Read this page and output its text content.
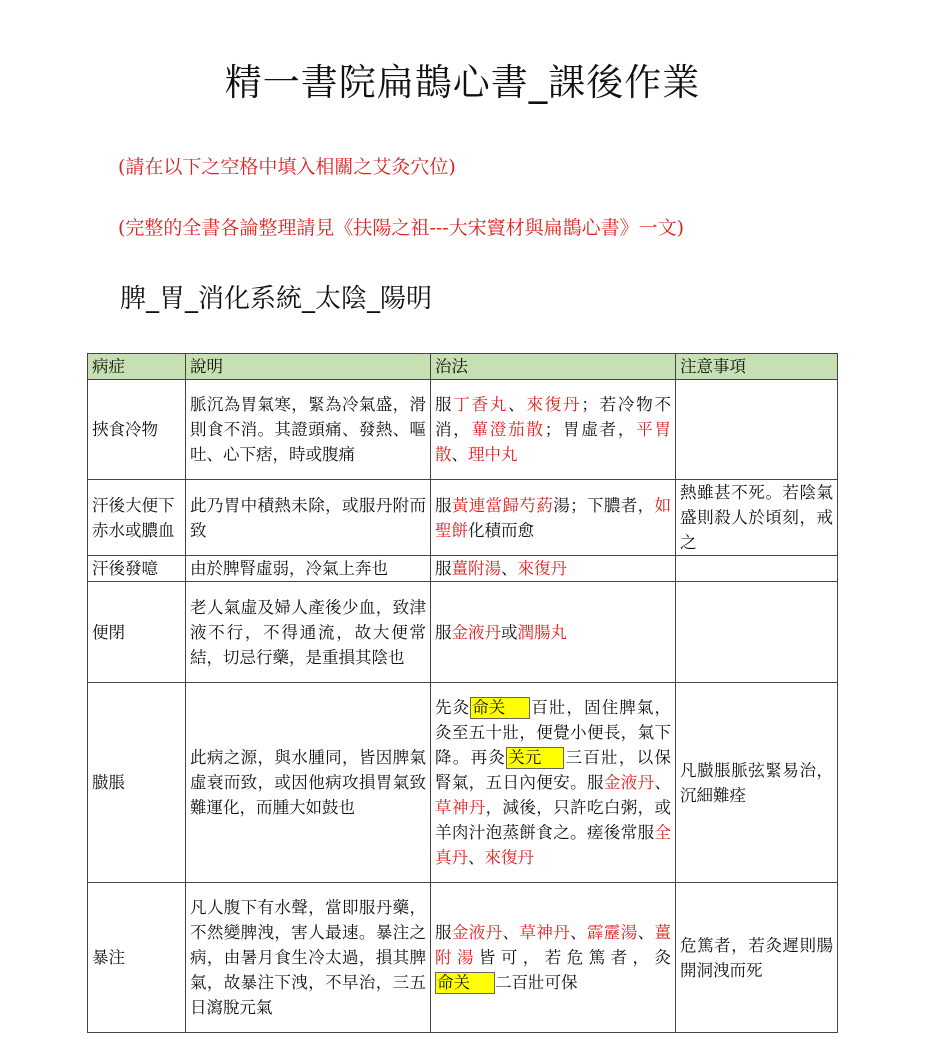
精一書院扁鵲心書_課後作業
(請在以下之空格中填入相關之艾灸穴位)
(完整的全書各論整理請見《扶陽之祖---大宋竇材與扁鵲心書》一文)
脾_胃_消化系統_太陰_陽明
病症	說明	治法	注意事項
挾食冷物	脈沉為胃氣寒，緊為冷氣盛，滑則食不消。其證頭痛、發熱、嘔吐、心下痞，時或腹痛	服丁香丸、來復丹；若冷物不消，蓽澄茄散；胃虛者，平胃散、理中丸	
汗後大便下赤水或膿血	此乃胃中積熱未除，或服丹附而致	服黃連當歸芍葯湯；下膿者，如聖餅化積而愈	熱雖甚不死。若陰氣盛則殺人於頃刻，戒之
汗後發噫	由於脾腎虛弱，冷氣上奔也	服薑附湯、來復丹	
便閉	老人氣虛及婦人產後少血，致津液不行，不得通流，故大便常結，切忌行藥，是重損其陰也	服金液丹或潤腸丸	
臌脹	此病之源，與水腫同，皆因脾氣虛衰而致，或因他病攻損胃氣致難運化，而腫大如鼓也	先灸 命关 百壯，固住脾氣，灸至五十壯，便覺小便長，氣下降。再灸 关元 三百壯，以保腎氣，五日內便安。服金液丹、草神丹，減後，只許吃白粥，或羊肉汁泡蒸餅食之。瘥後常服全真丹、來復丹	凡臌脹脈弦緊易治，沉細難痊
暴注	凡人腹下有水聲，當即服丹藥，不然變脾洩，害人最速。暴注之病，由暑月食生冷太過，損其脾氣，故暴注下洩，不早治，三五日瀉脫元氣	服金液丹、草神丹、霹靂湯、薑附湯皆可，若危篤者，灸命关 二百壯可保	危篤者，若灸遲則腸開洞洩而死
